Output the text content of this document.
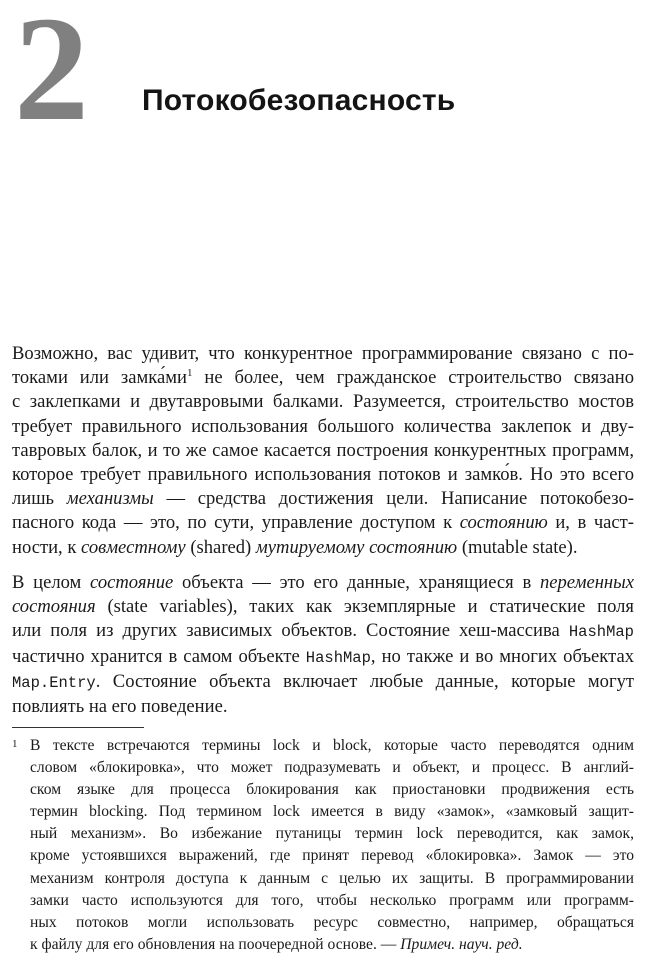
2 Потокобезопасность

Возможно, вас удивит, что конкурентное программирование связано с по-
токами или $замка́ми^1$ не более, чем гражданское строительство связано
с заклепками и двутавровыми балками. Разумеется, строительство мостов
требует правильного использования большого количества заклепок и дву-
тавровых балок, и то же самое касается построения конкурентных программ,
которое требует правильного использования потоков и замко́в. Но это всего
лишь механизмы — средства достижения цели. Написание потокобезо-
пасного кода — это, по сути, управление доступом к состоянию и, в част-
ности, к совместному (shared) мутируемому состоянию (mutable state).

В целом состояние объекта — это его данные, хранящиеся в переменных
состояния (state variables), таких как экземплярные и статические поля
или поля из других зависимых объектов. Состояние хеш-массива HashMap
частично хранится в самом объекте HashMap, но также и во многих объектах
Map.Entry. Состояние объекта включает любые данные, которые могут
повлиять на его поведение.

1 В тексте встречаются термины lock и block, которые часто переводятся одним
словом «блокировка», что может подразумевать и объект, и процесс. В англий-
ском языке для процесса блокирования как приостановки продвижения есть
термин blocking. Под термином lock имеется в виду «замок», «замковый защит-
ный механизм». Во избежание путаницы термин lock переводится, как замок,
кроме устоявшихся выражений, где принят перевод «блокировка». Замок — это
механизм контроля доступа к данным с целью их защиты. В программировании
замки часто используются для того, чтобы несколько программ или программ-
ных потоков могли использовать ресурс совместно, например, обращаться
к файлу для его обновления на поочередной основе. — Примеч. науч. ред.
